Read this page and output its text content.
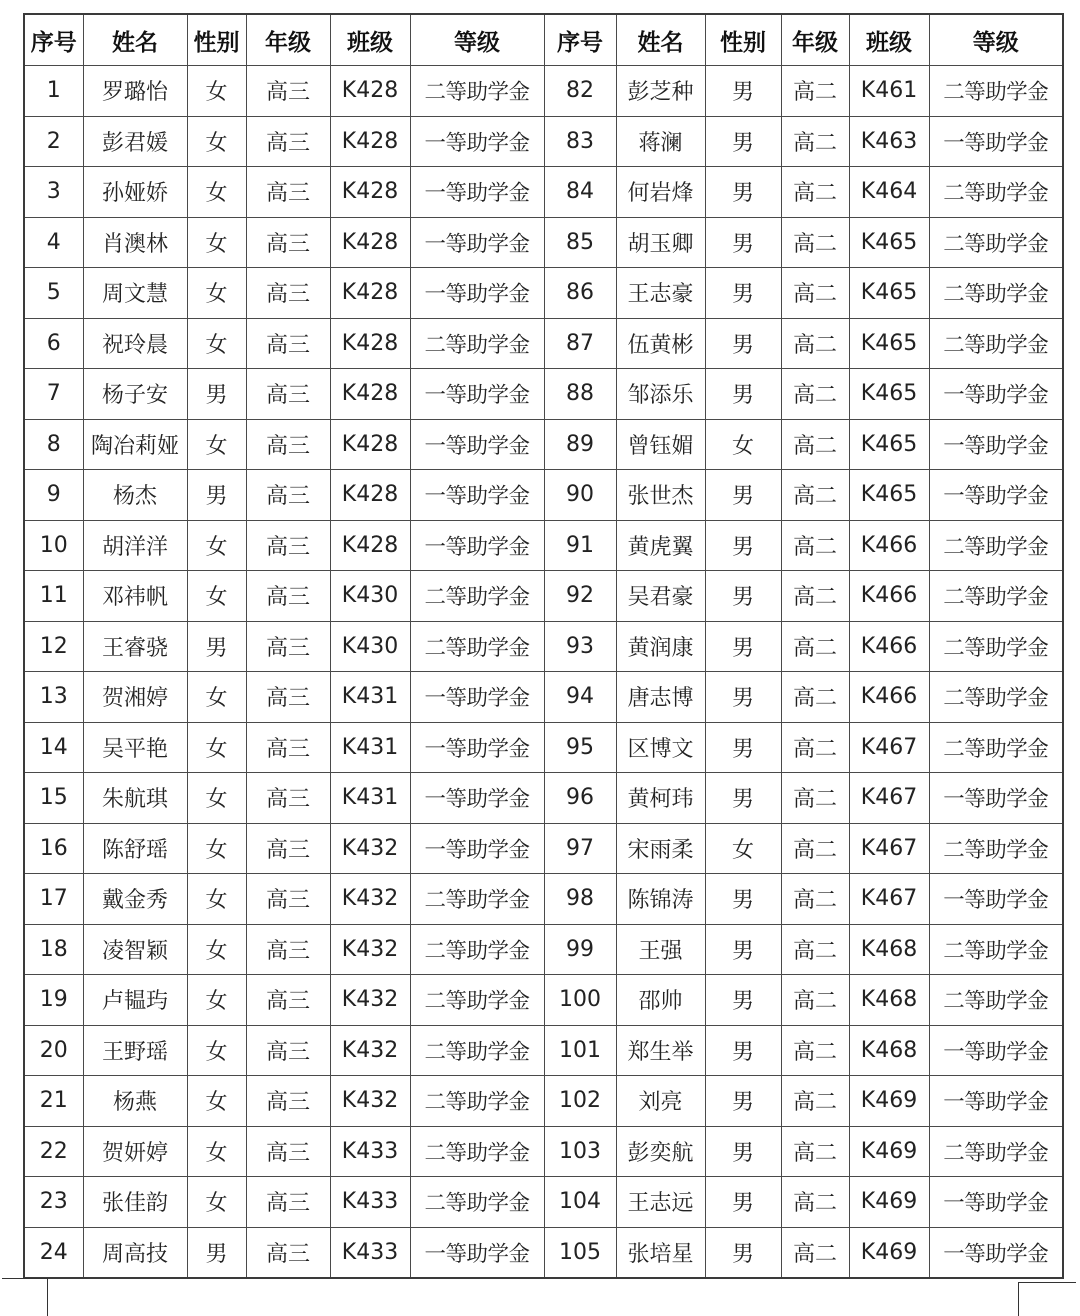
序号	姓名	性别	年级	班级	等级	序号	姓名	性别	年级	班级	等级
1	罗璐怡	女	高三	K428	二等助学金	82	彭芝种	男	高二	K461	二等助学金
2	彭君媛	女	高三	K428	一等助学金	83	蒋澜	男	高二	K463	一等助学金
3	孙娅娇	女	高三	K428	一等助学金	84	何岩烽	男	高二	K464	二等助学金
4	肖澳林	女	高三	K428	一等助学金	85	胡玉卿	男	高二	K465	二等助学金
5	周文慧	女	高三	K428	一等助学金	86	王志豪	男	高二	K465	二等助学金
6	祝玲晨	女	高三	K428	二等助学金	87	伍黄彬	男	高二	K465	二等助学金
7	杨子安	男	高三	K428	一等助学金	88	邹添乐	男	高二	K465	一等助学金
8	陶冶莉娅	女	高三	K428	一等助学金	89	曾钰媚	女	高二	K465	一等助学金
9	杨杰	男	高三	K428	一等助学金	90	张世杰	男	高二	K465	一等助学金
10	胡洋洋	女	高三	K428	一等助学金	91	黄虎翼	男	高二	K466	二等助学金
11	邓祎帆	女	高三	K430	二等助学金	92	吴君豪	男	高二	K466	二等助学金
12	王睿骁	男	高三	K430	二等助学金	93	黄润康	男	高二	K466	二等助学金
13	贺湘婷	女	高三	K431	一等助学金	94	唐志博	男	高二	K466	二等助学金
14	吴平艳	女	高三	K431	一等助学金	95	区博文	男	高二	K467	二等助学金
15	朱航琪	女	高三	K431	一等助学金	96	黄柯玮	男	高二	K467	一等助学金
16	陈舒瑶	女	高三	K432	一等助学金	97	宋雨柔	女	高二	K467	二等助学金
17	戴金秀	女	高三	K432	二等助学金	98	陈锦涛	男	高二	K467	一等助学金
18	凌智颖	女	高三	K432	二等助学金	99	王强	男	高二	K468	二等助学金
19	卢韫玙	女	高三	K432	二等助学金	100	邵帅	男	高二	K468	二等助学金
20	王野瑶	女	高三	K432	二等助学金	101	郑生举	男	高二	K468	一等助学金
21	杨燕	女	高三	K432	二等助学金	102	刘亮	男	高二	K469	一等助学金
22	贺妍婷	女	高三	K433	二等助学金	103	彭奕航	男	高二	K469	二等助学金
23	张佳韵	女	高三	K433	二等助学金	104	王志远	男	高二	K469	一等助学金
24	周高技	男	高三	K433	一等助学金	105	张培星	男	高二	K469	一等助学金
